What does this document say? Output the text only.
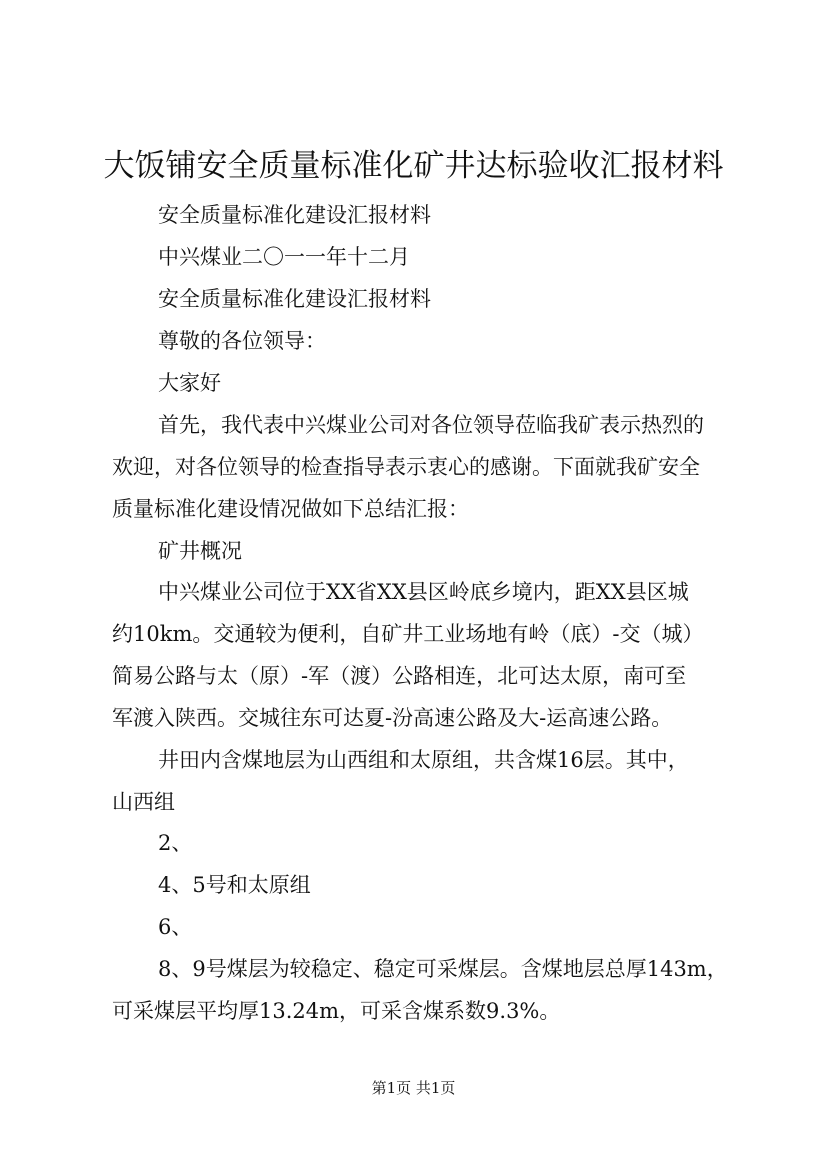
大饭铺安全质量标准化矿井达标验收汇报材料
安全质量标准化建设汇报材料
中兴煤业二〇一一年十二月
安全质量标准化建设汇报材料
尊敬的各位领导：
大家好
首先，我代表中兴煤业公司对各位领导莅临我矿表示热烈的
欢迎，对各位领导的检查指导表示衷心的感谢。下面就我矿安全
质量标准化建设情况做如下总结汇报：
矿井概况
中兴煤业公司位于XX省XX县区岭底乡境内，距XX县区城
约10km。交通较为便利，自矿井工业场地有岭（底）-交（城）
简易公路与太（原）-军（渡）公路相连，北可达太原，南可至
军渡入陕西。交城往东可达夏-汾高速公路及大-运高速公路。
井田内含煤地层为山西组和太原组，共含煤16层。其中，
山西组
2、
4、5号和太原组
6、
8、9号煤层为较稳定、稳定可采煤层。含煤地层总厚143m，
可采煤层平均厚13.24m，可采含煤系数9.3%。
第1页 共1页
